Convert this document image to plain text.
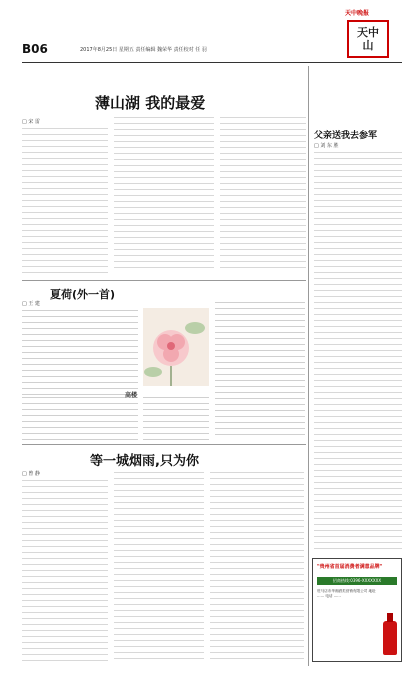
B06	2017年8月25日 星期五 责任编辑 魏荣华 责任校对 任 羽
天中晚报
天中
山
薄山湖 我的最爱
□ 宋 雷
夏荷(外一首)
□ 王 建
高楼
等一城烟雨,只为你
□ 曾 静
父亲送我去参军
□ 刘 东 胜
"贵州省首届消费者满意品牌"
招商热线:0396-XXXXXXX
驻马店市华湘酒类营销有限公司 地址 …… 电话 ……
